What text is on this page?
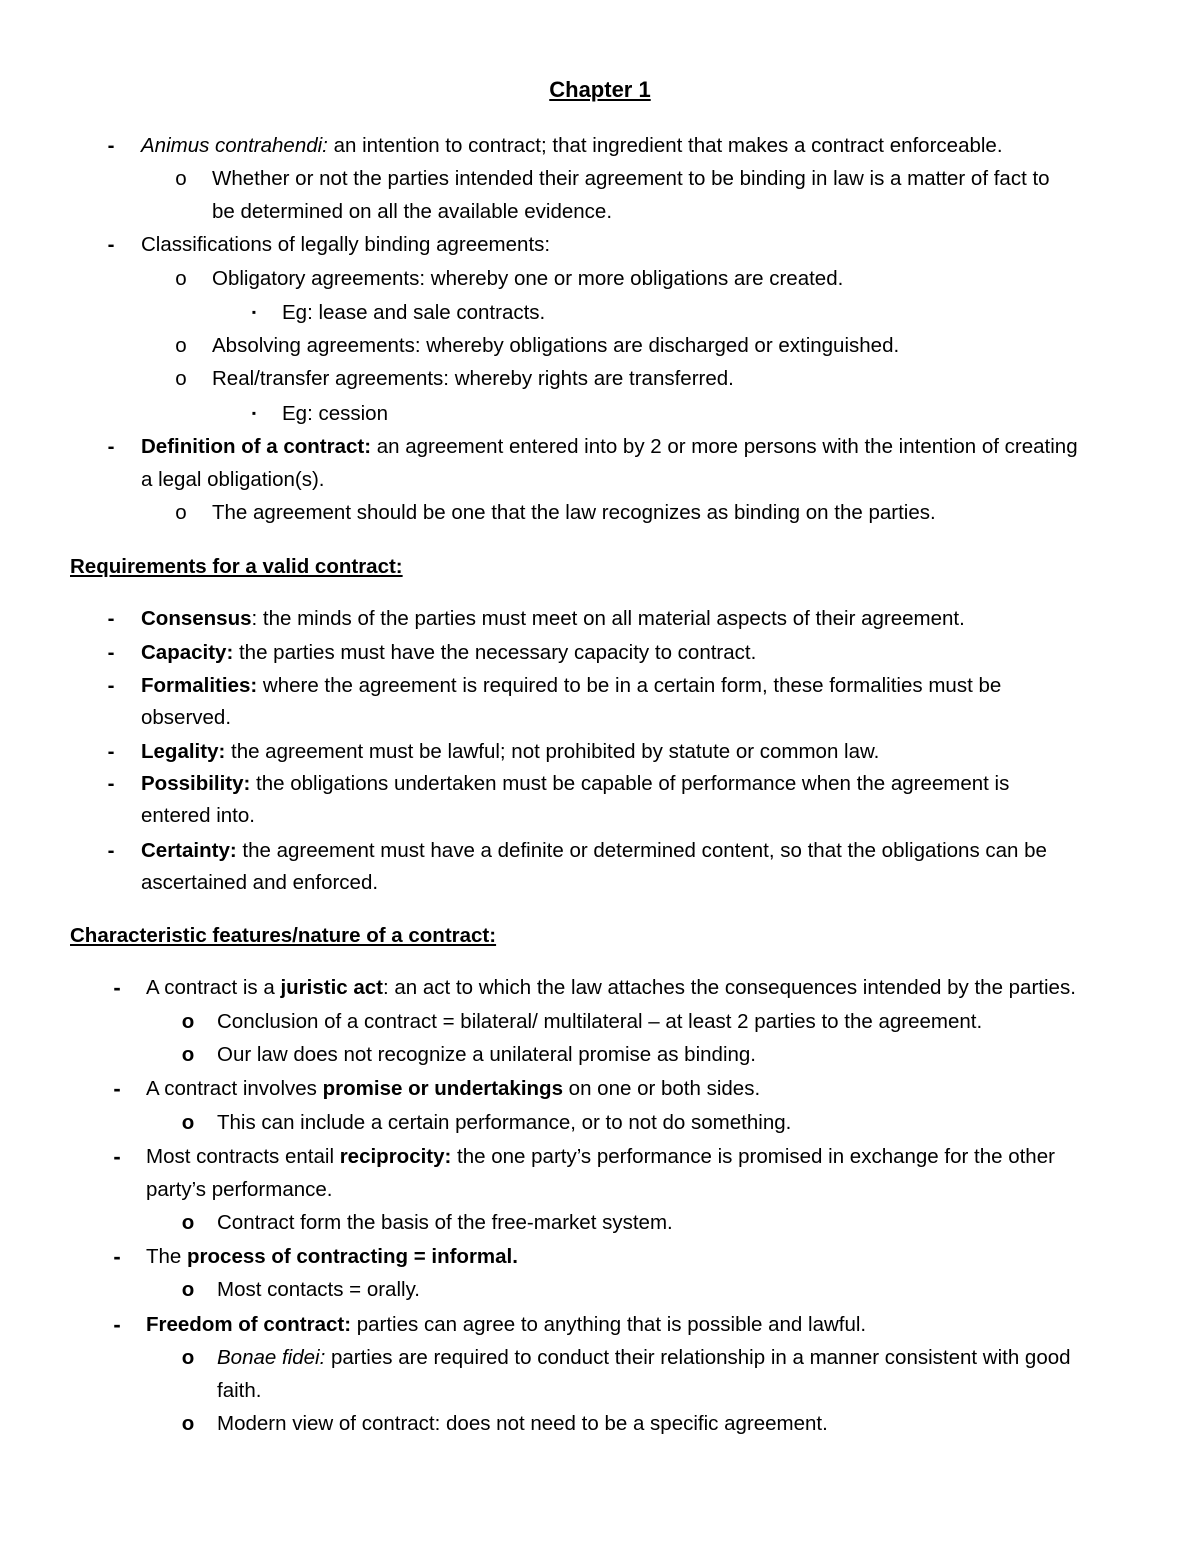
Chapter 1
- Animus contrahendi: an intention to contract; that ingredient that makes a contract enforceable.
o Whether or not the parties intended their agreement to be binding in law is a matter of fact to
be determined on all the available evidence.
- Classifications of legally binding agreements:
o Obligatory agreements: whereby one or more obligations are created.
▪ Eg: lease and sale contracts.
o Absolving agreements: whereby obligations are discharged or extinguished.
o Real/transfer agreements: whereby rights are transferred.
▪ Eg: cession
- Definition of a contract: an agreement entered into by 2 or more persons with the intention of creating
a legal obligation(s).
o The agreement should be one that the law recognizes as binding on the parties.
Requirements for a valid contract:
- Consensus: the minds of the parties must meet on all material aspects of their agreement.
- Capacity: the parties must have the necessary capacity to contract.
- Formalities: where the agreement is required to be in a certain form, these formalities must be
observed.
- Legality: the agreement must be lawful; not prohibited by statute or common law.
- Possibility: the obligations undertaken must be capable of performance when the agreement is
entered into.
- Certainty: the agreement must have a definite or determined content, so that the obligations can be
ascertained and enforced.
Characteristic features/nature of a contract:
- A contract is a juristic act: an act to which the law attaches the consequences intended by the parties.
o Conclusion of a contract = bilateral/ multilateral – at least 2 parties to the agreement.
o Our law does not recognize a unilateral promise as binding.
- A contract involves promise or undertakings on one or both sides.
o This can include a certain performance, or to not do something.
- Most contracts entail reciprocity: the one party’s performance is promised in exchange for the other
party’s performance.
o Contract form the basis of the free-market system.
- The process of contracting = informal.
o Most contacts = orally.
- Freedom of contract: parties can agree to anything that is possible and lawful.
o Bonae fidei: parties are required to conduct their relationship in a manner consistent with good
faith.
o Modern view of contract: does not need to be a specific agreement.
